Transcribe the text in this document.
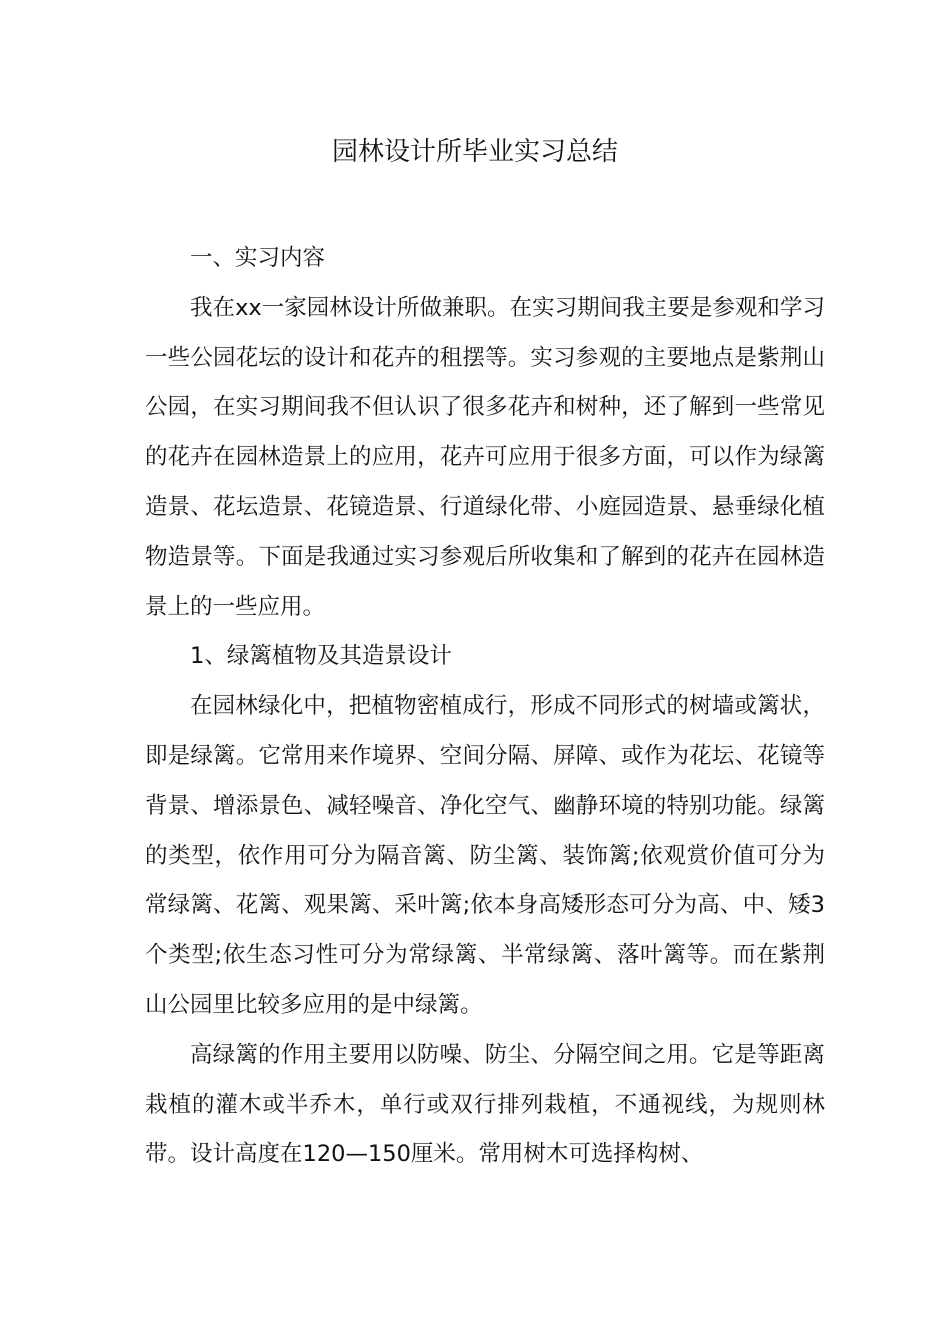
园林设计所毕业实习总结

一、实习内容

我在xx一家园林设计所做兼职。在实习期间我主要是参观和学习一些公园花坛的设计和花卉的租摆等。实习参观的主要地点是紫荆山公园，在实习期间我不但认识了很多花卉和树种，还了解到一些常见的花卉在园林造景上的应用，花卉可应用于很多方面，可以作为绿篱造景、花坛造景、花镜造景、行道绿化带、小庭园造景、悬垂绿化植物造景等。下面是我通过实习参观后所收集和了解到的花卉在园林造景上的一些应用。

1、绿篱植物及其造景设计

在园林绿化中，把植物密植成行，形成不同形式的树墙或篱状，即是绿篱。它常用来作境界、空间分隔、屏障、或作为花坛、花镜等背景、增添景色、减轻噪音、净化空气、幽静环境的特别功能。绿篱的类型，依作用可分为隔音篱、防尘篱、装饰篱;依观赏价值可分为常绿篱、花篱、观果篱、采叶篱;依本身高矮形态可分为高、中、矮3个类型;依生态习性可分为常绿篱、半常绿篱、落叶篱等。而在紫荆山公园里比较多应用的是中绿篱。

高绿篱的作用主要用以防噪、防尘、分隔空间之用。它是等距离栽植的灌木或半乔木，单行或双行排列栽植，不通视线，为规则林带。设计高度在120—150厘米。常用树木可选择构树、
